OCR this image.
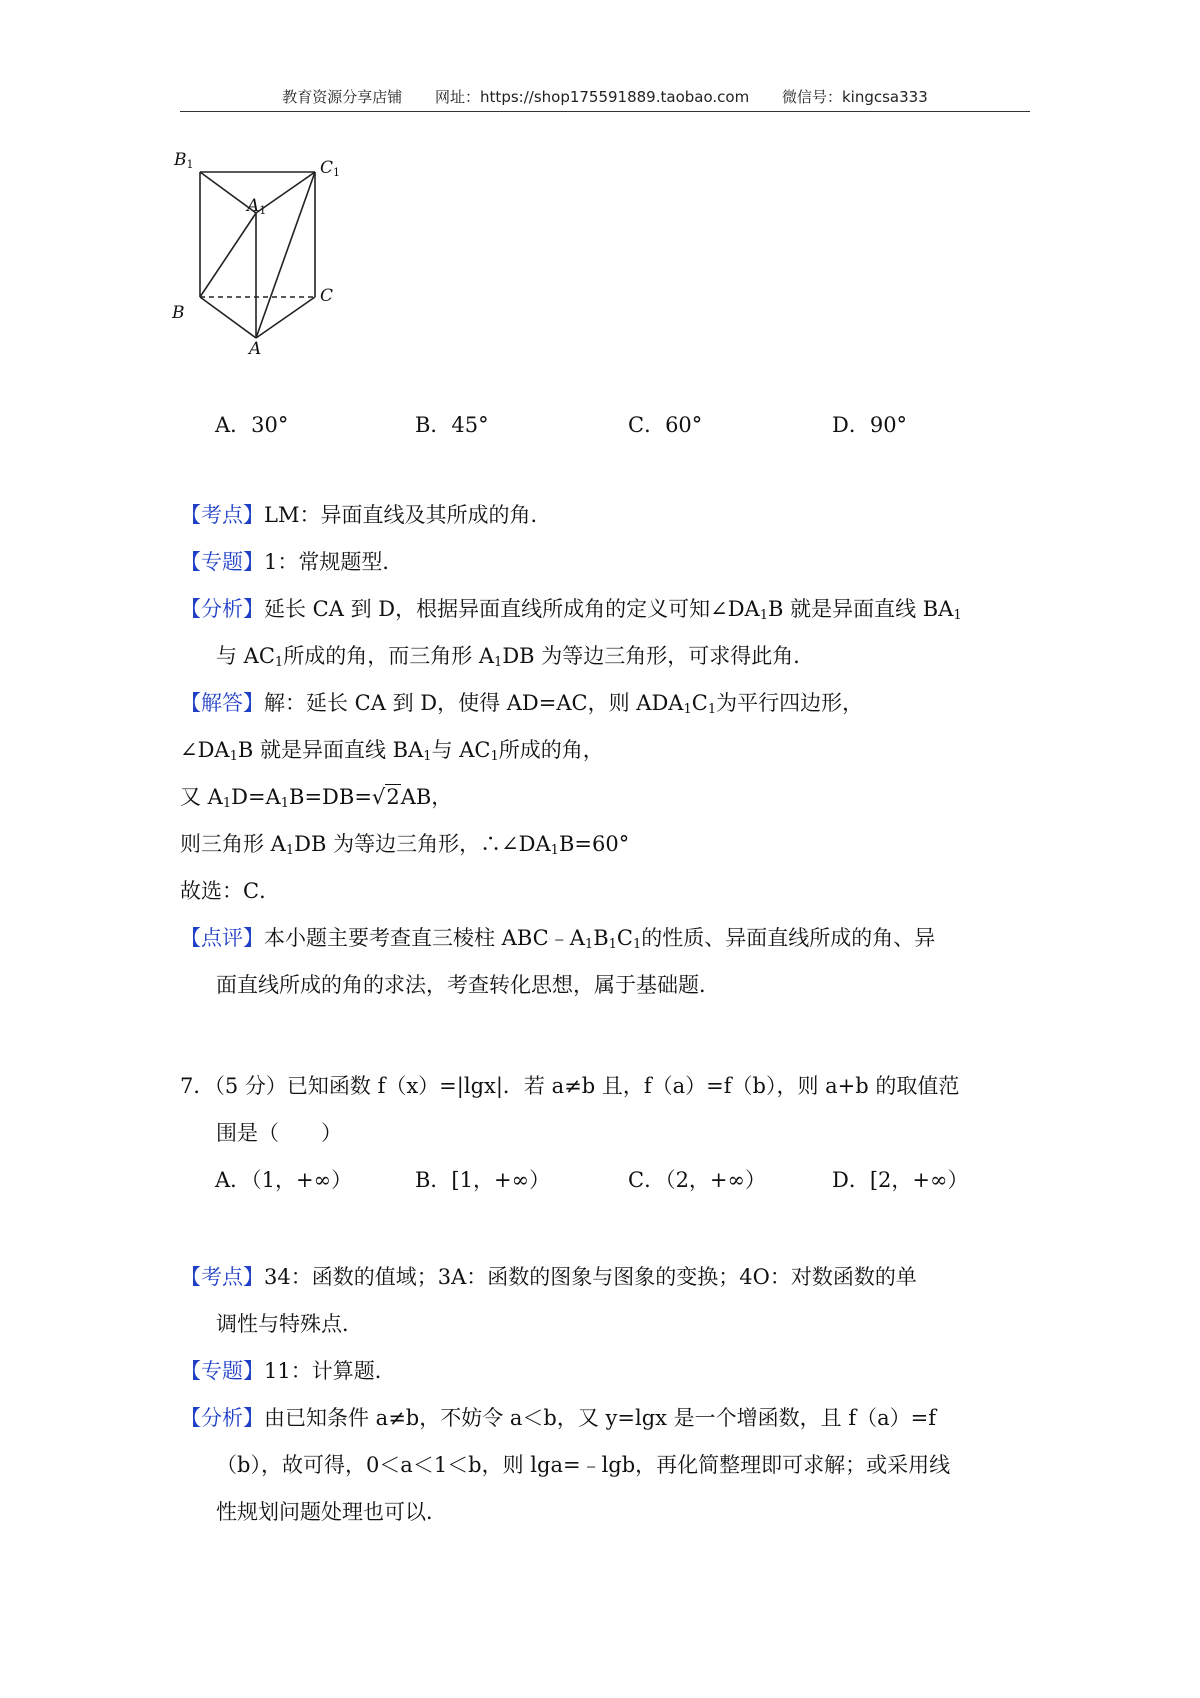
教育资源分享店铺 网址：https://shop175591889.taobao.com 微信号：kingcsa333
B1	C1
A1
B
C
A
A．30°	B．45°	C．60°	D．90°
【考点】LM：异面直线及其所成的角．
【专题】1：常规题型．
【分析】延长 CA 到 D，根据异面直线所成角的定义可知$\angle DA_1B$ 就是异面直线 $BA_1$
与 $AC_1$所成的角，而三角形 $A_1DB$ 为等边三角形，可求得此角．
【解答】解：延长 CA 到 D，使得 AD=AC，则 $ADA_1C_1$为平行四边形，
$\angle DA_1B$ 就是异面直线 $BA_1$与 $AC_1$所成的角，
又 $A_1D=A_1B=DB=√2AB$，
则三角形 $A_1DB$ 为等边三角形，$\therefore\angle DA_1B=60^\circ$
故选：C．
【点评】本小题主要考查直三棱柱 $ABC﹣A_1B_1C_1$的性质、异面直线所成的角、异
面直线所成的角的求法，考查转化思想，属于基础题．
7．（5 分）已知函数 f（x）=|lgx|．若 a≠b 且，f（a）=f（b），则 a+b 的取值范
围是（　　）
A．（1，+∞）	B．[1，+∞）	C．（2，+∞）	D．[2，+∞）
【考点】34：函数的值域；3A：函数的图象与图象的变换；4O：对数函数的单
调性与特殊点．
【专题】11：计算题．
【分析】由已知条件 a≠b，不妨令 a＜b，又 y=lgx 是一个增函数，且 f（a）=f
（b），故可得，0＜a＜1＜b，则 lga=﹣lgb，再化简整理即可求解；或采用线
性规划问题处理也可以．
